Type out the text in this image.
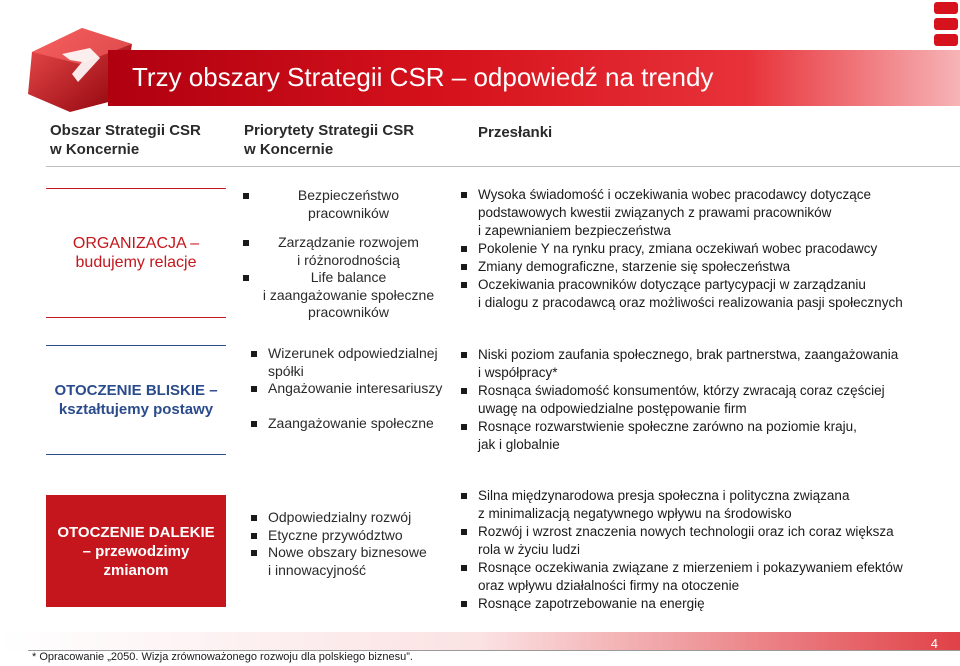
Trzy obszary Strategii CSR – odpowiedź na trendy
Obszar Strategii CSR
w Koncernie
Priorytety Strategii CSR
w Koncernie
Przesłanki
ORGANIZACJA –
budujemy relacje
Bezpieczeństwo
pracowników
Zarządzanie rozwojem
i różnorodnością
Life balance
i zaangażowanie społeczne
pracowników
Wysoka świadomość i oczekiwania wobec pracodawcy dotyczące
podstawowych kwestii związanych z prawami pracowników
i zapewnianiem bezpieczeństwa
Pokolenie Y na rynku pracy, zmiana oczekiwań wobec pracodawcy
Zmiany demograficzne, starzenie się społeczeństwa
Oczekiwania pracowników dotyczące partycypacji w zarządzaniu
i dialogu z pracodawcą oraz możliwości realizowania pasji społecznych
OTOCZENIE BLISKIE –
kształtujemy postawy
Wizerunek odpowiedzialnej
spółki
Angażowanie interesariuszy
Zaangażowanie społeczne
Niski poziom zaufania społecznego, brak partnerstwa, zaangażowania
i współpracy*
Rosnąca świadomość konsumentów, którzy zwracają coraz częściej
uwagę na odpowiedzialne postępowanie firm
Rosnące rozwarstwienie społeczne zarówno na poziomie kraju,
jak i globalnie
OTOCZENIE DALEKIE
– przewodzimy
zmianom
Odpowiedzialny rozwój
Etyczne przywództwo
Nowe obszary biznesowe
i innowacyjność
Silna międzynarodowa presja społeczna i polityczna związana
z minimalizacją negatywnego wpływu na środowisko
Rozwój i wzrost znaczenia nowych technologii oraz ich coraz większa
rola w życiu ludzi
Rosnące oczekiwania związane z mierzeniem i pokazywaniem efektów
oraz wpływu działalności firmy na otoczenie
Rosnące zapotrzebowanie na energię
* Opracowanie „2050. Wizja zrównoważonego rozwoju dla polskiego biznesu”.
4
